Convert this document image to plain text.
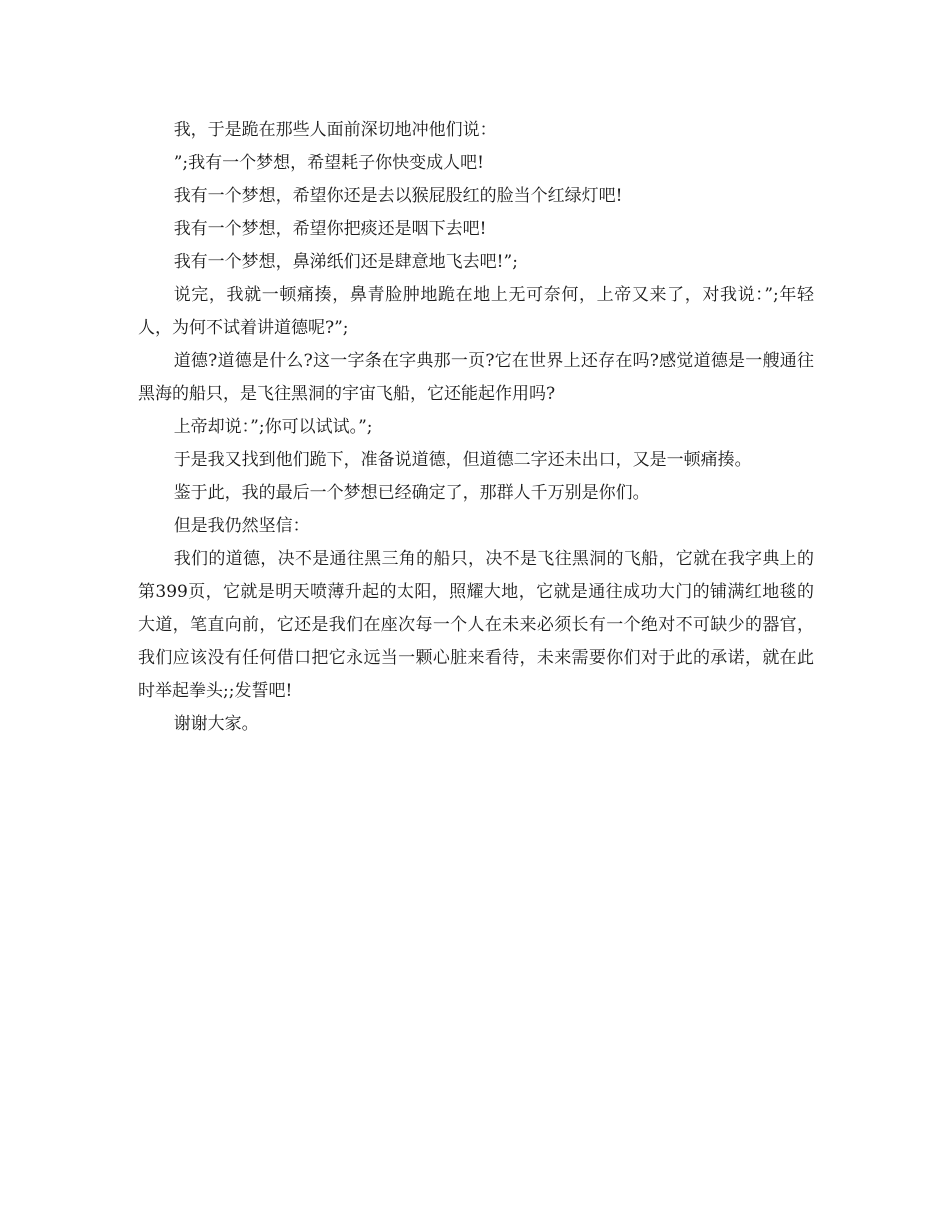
我，于是跪在那些人面前深切地冲他们说：

”;我有一个梦想，希望耗子你快变成人吧!

我有一个梦想，希望你还是去以猴屁股红的脸当个红绿灯吧!

我有一个梦想，希望你把痰还是咽下去吧!

我有一个梦想，鼻涕纸们还是肆意地飞去吧!”;

说完，我就一顿痛揍，鼻青脸肿地跪在地上无可奈何，上帝又来了，对我说：”;年轻人，为何不试着讲道德呢?”;

道德?道德是什么?这一字条在字典那一页?它在世界上还存在吗?感觉道德是一艘通往黑海的船只，是飞往黑洞的宇宙飞船，它还能起作用吗?

上帝却说：”;你可以试试。”;

于是我又找到他们跪下，准备说道德，但道德二字还未出口，又是一顿痛揍。

鉴于此，我的最后一个梦想已经确定了，那群人千万别是你们。

但是我仍然坚信：

我们的道德，决不是通往黑三角的船只，决不是飞往黑洞的飞船，它就在我字典上的第399页，它就是明天喷薄升起的太阳，照耀大地，它就是通往成功大门的铺满红地毯的大道，笔直向前，它还是我们在座次每一个人在未来必须长有一个绝对不可缺少的器官，我们应该没有任何借口把它永远当一颗心脏来看待，未来需要你们对于此的承诺，就在此时举起拳头;;发誓吧!

谢谢大家。
